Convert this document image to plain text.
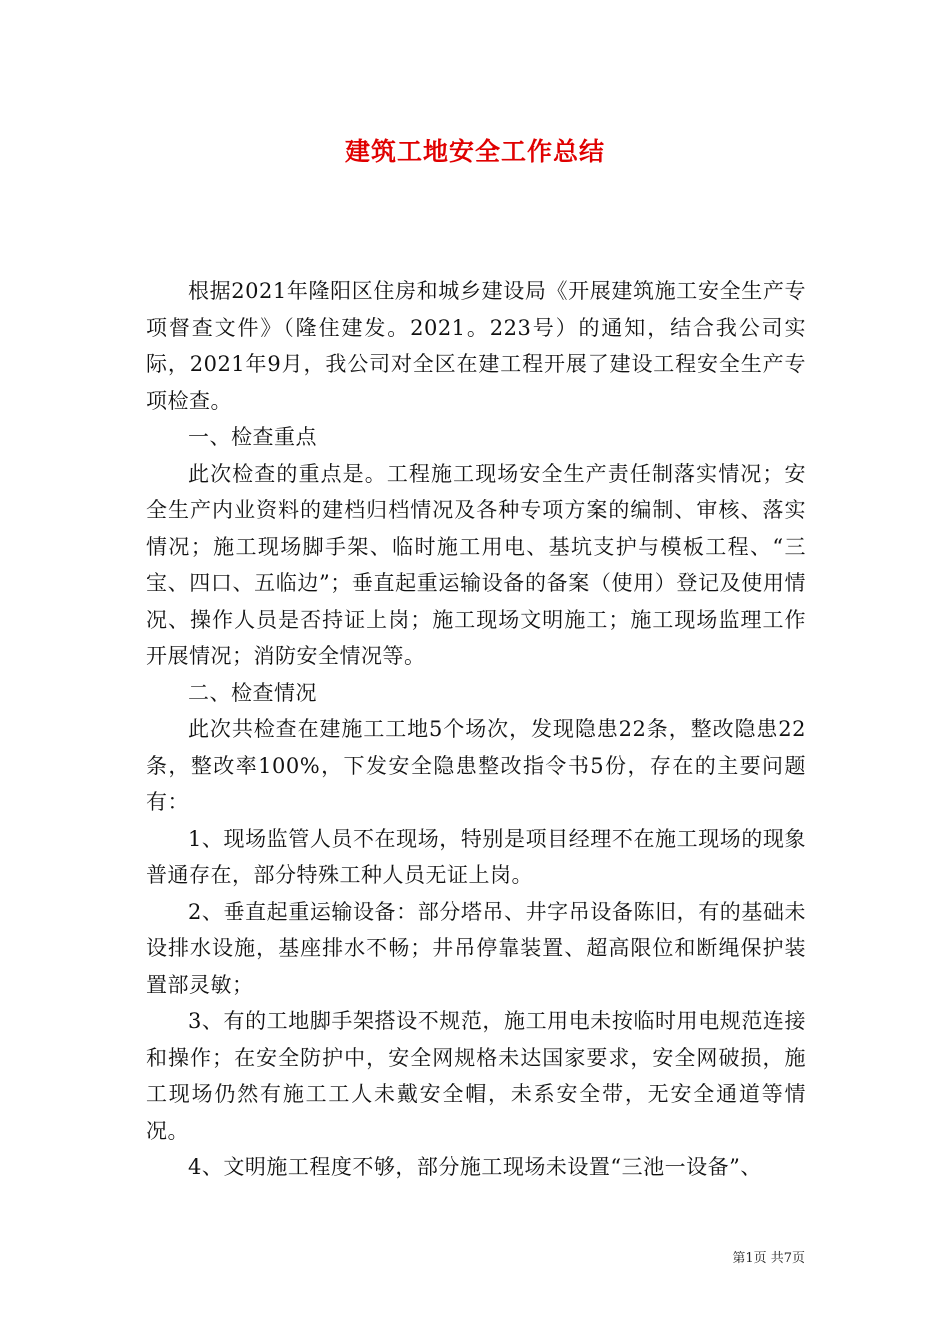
建筑工地安全工作总结

根据2021年隆阳区住房和城乡建设局《开展建筑施工安全生产专项督查文件》（隆住建发。2021。223号）的通知，结合我公司实际，2021年9月，我公司对全区在建工程开展了建设工程安全生产专项检查。

一、检查重点

此次检查的重点是。工程施工现场安全生产责任制落实情况；安全生产内业资料的建档归档情况及各种专项方案的编制、审核、落实情况；施工现场脚手架、临时施工用电、基坑支护与模板工程、“三宝、四口、五临边”；垂直起重运输设备的备案（使用）登记及使用情况、操作人员是否持证上岗；施工现场文明施工；施工现场监理工作开展情况；消防安全情况等。

二、检查情况

此次共检查在建施工工地5个场次，发现隐患22条，整改隐患22条，整改率100%，下发安全隐患整改指令书5份，存在的主要问题有：

1、现场监管人员不在现场，特别是项目经理不在施工现场的现象普通存在，部分特殊工种人员无证上岗。

2、垂直起重运输设备：部分塔吊、井字吊设备陈旧，有的基础未设排水设施，基座排水不畅；井吊停靠装置、超高限位和断绳保护装置部灵敏；

3、有的工地脚手架搭设不规范，施工用电未按临时用电规范连接和操作；在安全防护中，安全网规格未达国家要求，安全网破损，施工现场仍然有施工工人未戴安全帽，未系安全带，无安全通道等情况。

4、文明施工程度不够，部分施工现场未设置“三池一设备”、

第1页 共7页
